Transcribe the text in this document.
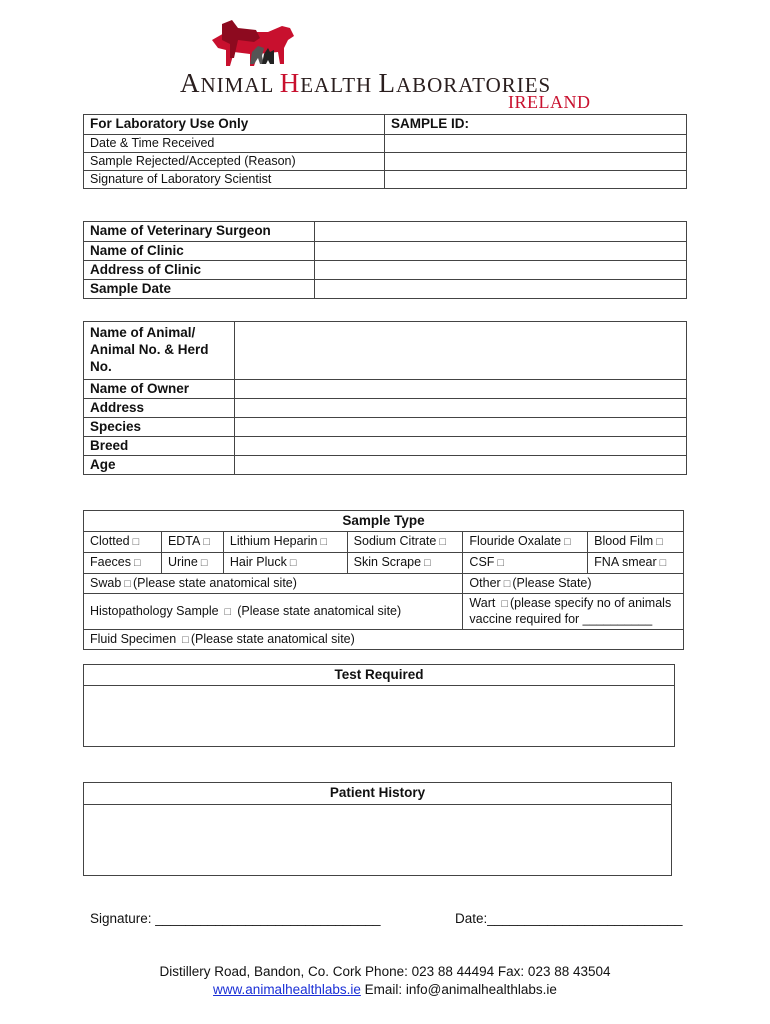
ANIMAL HEALTH LABORATORIES
IRELAND
For Laboratory Use Only	SAMPLE ID:
Date & Time Received	
Sample Rejected/Accepted (Reason)	
Signature of Laboratory Scientist	
Name of Veterinary Surgeon	
Name of Clinic	
Address of Clinic	
Sample Date	
Name of Animal/
Animal No. & Herd
No.	

Name of Owner	
Address	
Species	
Breed	
Age	
Sample Type					
Clotted □	EDTA □	Lithium Heparin □	Sodium Citrate □	Flouride Oxalate □	Blood Film □
Faeces □	Urine □	Hair Pluck □	Skin Scrape □	CSF □	FNA smear □
Swab □ (Please state anatomical site)				Other □ (Please State)	
Histopathology Sample □ (Please state anatomical site)				Wart □ (please specify no of animals
vaccine required for __________	

Fluid Specimen □ (Please state anatomical site)					
Test Required

Patient History

Signature: ______________________________	Date:__________________________
Distillery Road, Bandon, Co. Cork Phone: 023 88 44494 Fax: 023 88 43504
www.animalhealthlabs.ie Email: info@animalhealthlabs.ie
